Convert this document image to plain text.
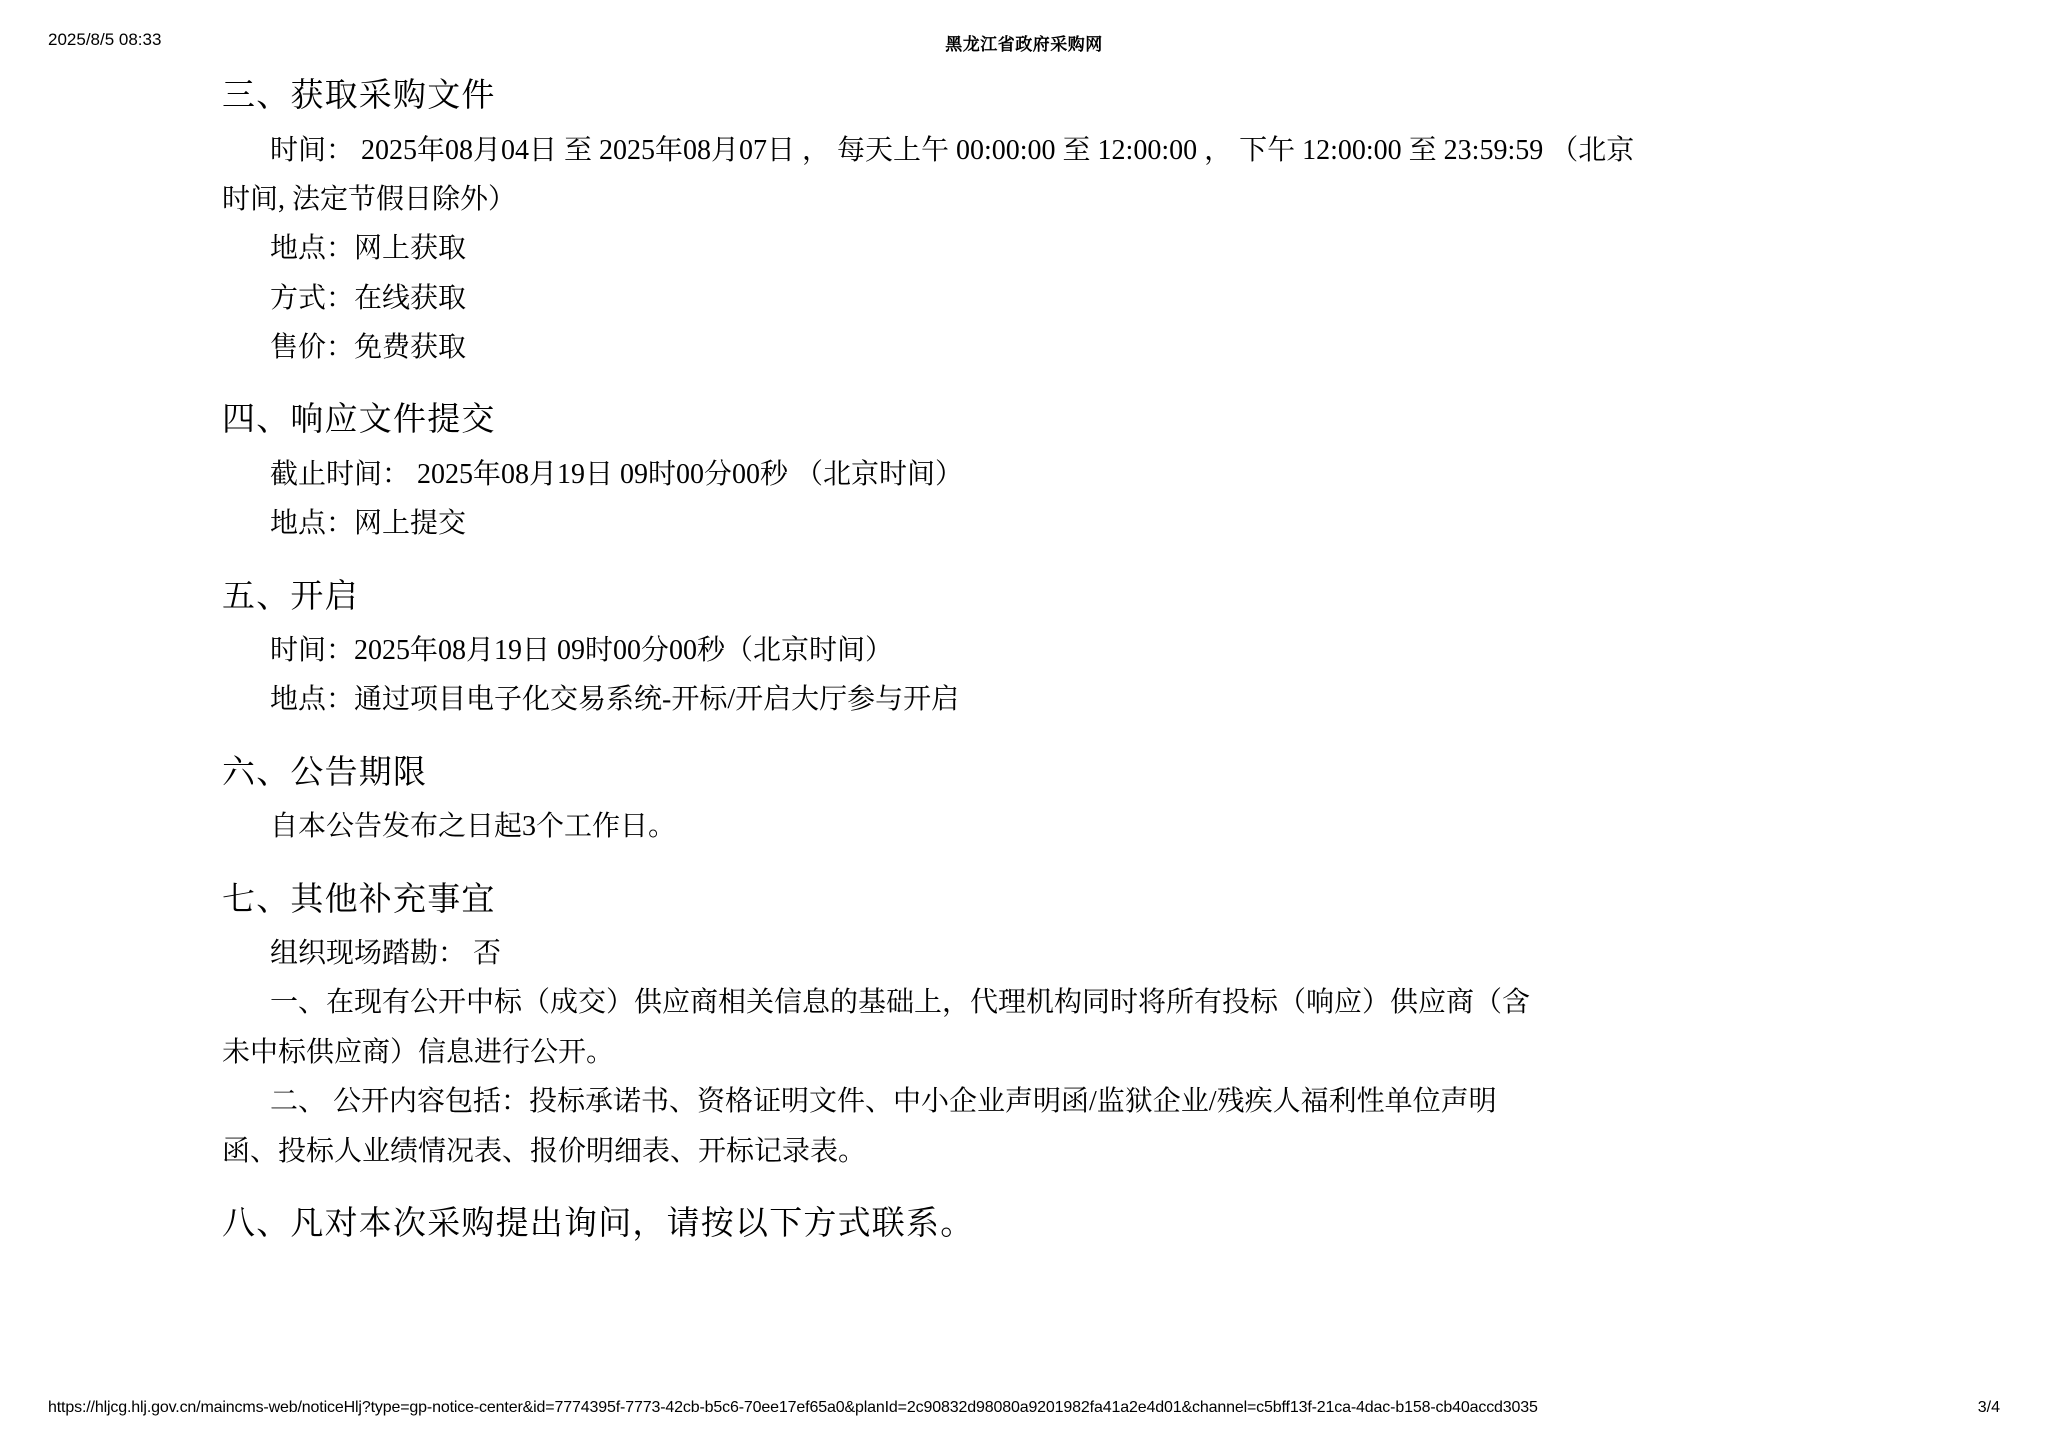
2025/8/5 08:33	黑龙江省政府采购网
三、获取采购文件
时间： 2025年08月04日 至 2025年08月07日 ， 每天上午 00:00:00 至 12:00:00 ， 下午 12:00:00 至 23:59:59 （北京
时间, 法定节假日除外）
地点：网上获取
方式：在线获取
售价：免费获取
四、响应文件提交
截止时间： 2025年08月19日 09时00分00秒 （北京时间）
地点：网上提交
五、开启
时间：2025年08月19日 09时00分00秒（北京时间）
地点：通过项目电子化交易系统-开标/开启大厅参与开启
六、公告期限
自本公告发布之日起3个工作日。
七、其他补充事宜
组织现场踏勘： 否
一、在现有公开中标（成交）供应商相关信息的基础上，代理机构同时将所有投标（响应）供应商（含
未中标供应商）信息进行公开。
二、 公开内容包括：投标承诺书、资格证明文件、中小企业声明函/监狱企业/残疾人福利性单位声明
函、投标人业绩情况表、报价明细表、开标记录表。
八、凡对本次采购提出询问，请按以下方式联系。
https://hljcg.hlj.gov.cn/maincms-web/noticeHlj?type=gp-notice-center&id=7774395f-7773-42cb-b5c6-70ee17ef65a0&planId=2c90832d98080a9201982fa41a2e4d01&channel=c5bff13f-21ca-4dac-b158-cb40accd3035	3/4
